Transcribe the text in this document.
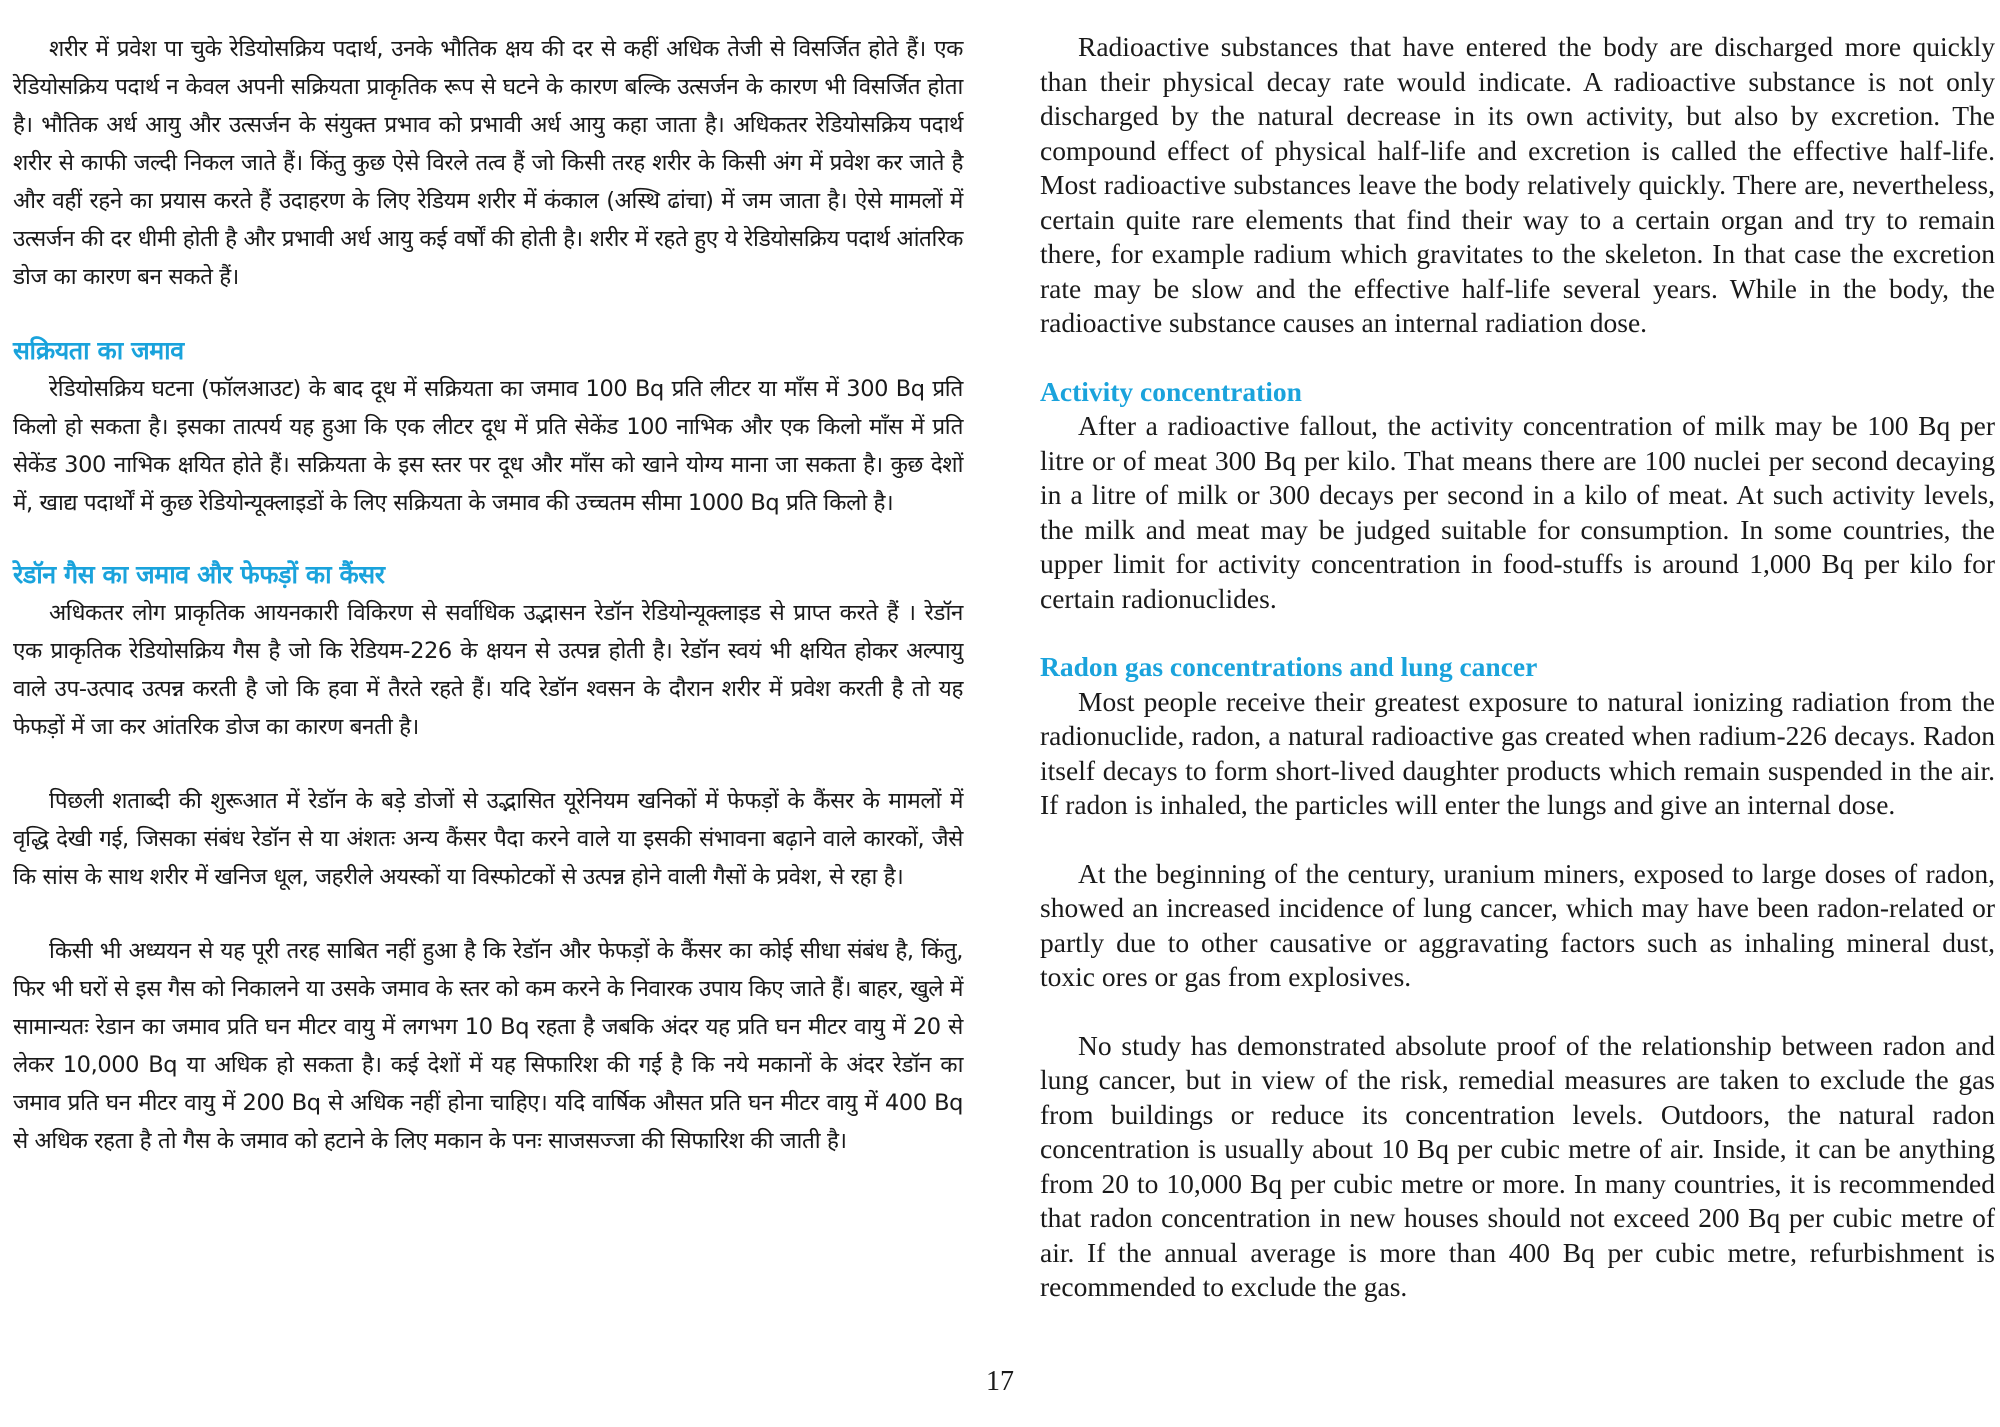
शरीर में प्रवेश पा चुके रेडियोसक्रिय पदार्थ, उनके भौतिक क्षय की दर से कहीं अधिक तेजी से विसर्जित होते हैं। एक रेडियोसक्रिय पदार्थ न केवल अपनी सक्रियता प्राकृतिक रूप से घटने के कारण बल्कि उत्सर्जन के कारण भी विसर्जित होता है। भौतिक अर्ध आयु और उत्सर्जन के संयुक्त प्रभाव को प्रभावी अर्ध आयु कहा जाता है। अधिकतर रेडियोसक्रिय पदार्थ शरीर से काफी जल्दी निकल जाते हैं। किंतु कुछ ऐसे विरले तत्व हैं जो किसी तरह शरीर के किसी अंग में प्रवेश कर जाते है और वहीं रहने का प्रयास करते हैं उदाहरण के लिए रेडियम शरीर में कंकाल (अस्थि ढांचा) में जम जाता है। ऐसे मामलों में उत्सर्जन की दर धीमी होती है और प्रभावी अर्ध आयु कई वर्षों की होती है। शरीर में रहते हुए ये रेडियोसक्रिय पदार्थ आंतरिक डोज का कारण बन सकते हैं।

सक्रियता का जमाव

रेडियोसक्रिय घटना (फॉलआउट) के बाद दूध में सक्रियता का जमाव 100 Bq प्रति लीटर या माँस में 300 Bq प्रति किलो हो सकता है। इसका तात्पर्य यह हुआ कि एक लीटर दूध में प्रति सेकेंड 100 नाभिक और एक किलो माँस में प्रति सेकेंड 300 नाभिक क्षयित होते हैं। सक्रियता के इस स्तर पर दूध और माँस को खाने योग्य माना जा सकता है। कुछ देशों में, खाद्य पदार्थों में कुछ रेडियोन्यूक्लाइडों के लिए सक्रियता के जमाव की उच्चतम सीमा 1000 Bq प्रति किलो है।

रेडॉन गैस का जमाव और फेफड़ों का कैंसर

अधिकतर लोग प्राकृतिक आयनकारी विकिरण से सर्वाधिक उद्भासन रेडॉन रेडियोन्यूक्लाइड से प्राप्त करते हैं । रेडॉन एक प्राकृतिक रेडियोसक्रिय गैस है जो कि रेडियम-226 के क्षयन से उत्पन्न होती है। रेडॉन स्वयं भी क्षयित होकर अल्पायु वाले उप-उत्पाद उत्पन्न करती है जो कि हवा में तैरते रहते हैं। यदि रेडॉन श्वसन के दौरान शरीर में प्रवेश करती है तो यह फेफड़ों में जा कर आंतरिक डोज का कारण बनती है।

पिछली शताब्दी की शुरूआत में रेडॉन के बड़े डोजों से उद्भासित यूरेनियम खनिकों में फेफड़ों के कैंसर के मामलों में वृद्धि देखी गई, जिसका संबंध रेडॉन से या अंशतः अन्य कैंसर पैदा करने वाले या इसकी संभावना बढ़ाने वाले कारकों, जैसे कि सांस के साथ शरीर में खनिज धूल, जहरीले अयस्कों या विस्फोटकों से उत्पन्न होने वाली गैसों के प्रवेश, से रहा है।

किसी भी अध्ययन से यह पूरी तरह साबित नहीं हुआ है कि रेडॉन और फेफड़ों के कैंसर का कोई सीधा संबंध है, किंतु, फिर भी घरों से इस गैस को निकालने या उसके जमाव के स्तर को कम करने के निवारक उपाय किए जाते हैं। बाहर, खुले में सामान्यतः रेडान का जमाव प्रति घन मीटर वायु में लगभग 10 Bq रहता है जबकि अंदर यह प्रति घन मीटर वायु में 20 से लेकर 10,000 Bq या अधिक हो सकता है। कई देशों में यह सिफारिश की गई है कि नये मकानों के अंदर रेडॉन का जमाव प्रति घन मीटर वायु में 200 Bq से अधिक नहीं होना चाहिए। यदि वार्षिक औसत प्रति घन मीटर वायु में 400 Bq से अधिक रहता है तो गैस के जमाव को हटाने के लिए मकान के पनः साजसज्जा की सिफारिश की जाती है।

Radioactive substances that have entered the body are discharged more quickly than their physical decay rate would indicate. A radioactive substance is not only discharged by the natural decrease in its own activity, but also by excretion. The compound effect of physical half-life and excretion is called the effective half-life. Most radioactive substances leave the body relatively quickly. There are, nevertheless, certain quite rare elements that find their way to a certain organ and try to remain there, for example radium which gravitates to the skeleton. In that case the excretion rate may be slow and the effective half-life several years. While in the body, the radioactive substance causes an internal radiation dose.

Activity concentration

After a radioactive fallout, the activity concentration of milk may be 100 Bq per litre or of meat 300 Bq per kilo. That means there are 100 nuclei per second decaying in a litre of milk or 300 decays per second in a kilo of meat. At such activity levels, the milk and meat may be judged suitable for consumption. In some countries, the upper limit for activity concentration in food-stuffs is around 1,000 Bq per kilo for certain radionuclides.

Radon gas concentrations and lung cancer

Most people receive their greatest exposure to natural ionizing radiation from the radionuclide, radon, a natural radioactive gas created when radium-226 decays. Radon itself decays to form short-lived daughter products which remain suspended in the air. If radon is inhaled, the particles will enter the lungs and give an internal dose.

At the beginning of the century, uranium miners, exposed to large doses of radon, showed an increased incidence of lung cancer, which may have been radon-related or partly due to other causative or aggravating factors such as inhaling mineral dust, toxic ores or gas from explosives.

No study has demonstrated absolute proof of the relationship between radon and lung cancer, but in view of the risk, remedial measures are taken to exclude the gas from buildings or reduce its concentration levels. Outdoors, the natural radon concentration is usually about 10 Bq per cubic metre of air. Inside, it can be anything from 20 to 10,000 Bq per cubic metre or more. In many countries, it is recommended that radon concentration in new houses should not exceed 200 Bq per cubic metre of air. If the annual average is more than 400 Bq per cubic metre, refurbishment is recommended to exclude the gas.

17
